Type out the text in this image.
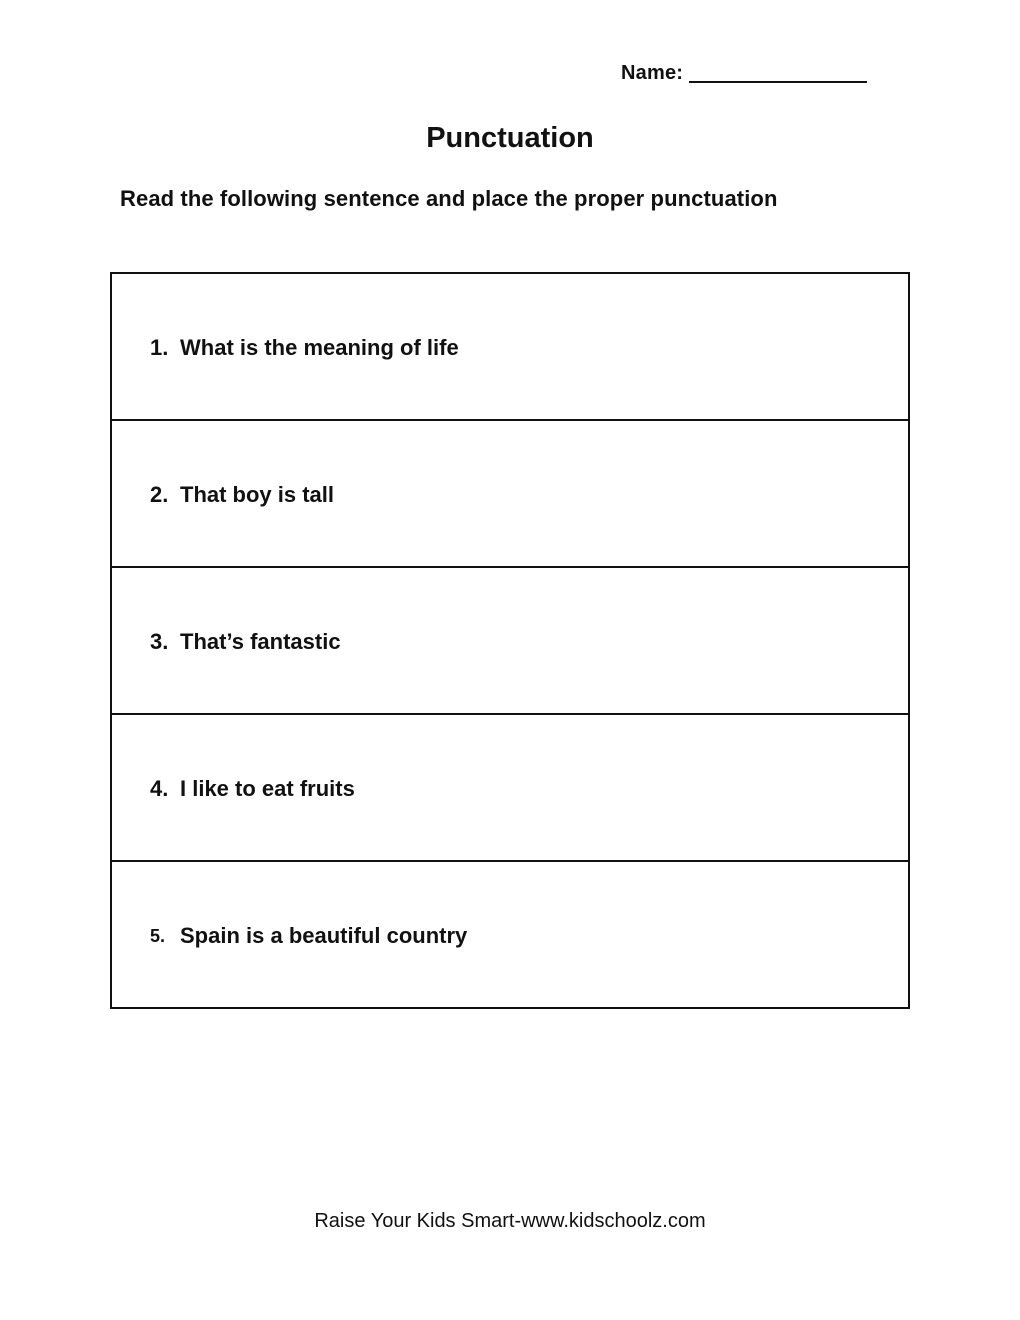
Name:
Punctuation
Read the following sentence and place the proper punctuation
1. What is the meaning of life
2. That boy is tall
3. That’s fantastic
4. I like to eat fruits
5. Spain is a beautiful country
Raise Your Kids Smart-www.kidschoolz.com
